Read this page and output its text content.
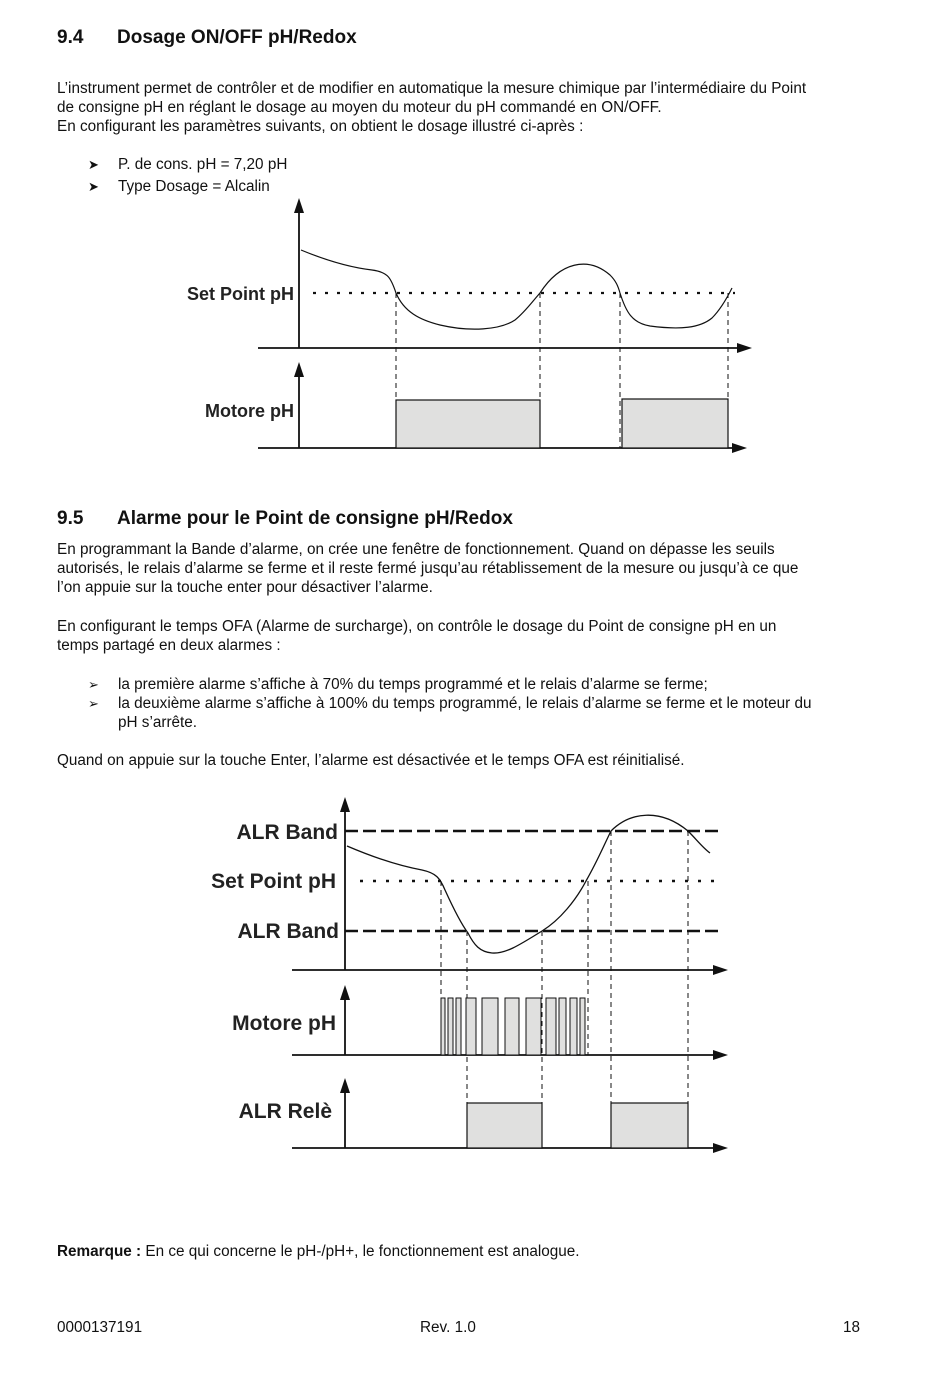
9.4 Dosage ON/OFF pH/Redox

L’instrument permet de contrôler et de modifier en automatique la mesure chimique par l’intermédiaire du Point
de consigne pH en réglant le dosage au moyen du moteur du pH commandé en ON/OFF.
En configurant les paramètres suivants, on obtient le dosage illustré ci-après :

➤ P. de cons. pH = 7,20 pH
➤ Type Dosage = Alcalin
Set Point pH
Motore pH
9.5 Alarme pour le Point de consigne pH/Redox

En programmant la Bande d’alarme, on crée une fenêtre de fonctionnement. Quand on dépasse les seuils
autorisés, le relais d’alarme se ferme et il reste fermé jusqu’au rétablissement de la mesure ou jusqu’à ce que
l’on appuie sur la touche enter pour désactiver l’alarme.

En configurant le temps OFA (Alarme de surcharge), on contrôle le dosage du Point de consigne pH en un
temps partagé en deux alarmes :

➢ la première alarme s’affiche à 70% du temps programmé et le relais d’alarme se ferme;
➢ la deuxième alarme s’affiche à 100% du temps programmé, le relais d’alarme se ferme et le moteur du
pH s’arrête.

Quand on appuie sur la touche Enter, l’alarme est désactivée et le temps OFA est réinitialisé.

ALR Band
Set Point pH
ALR Band
Motore pH
ALR Relè

Remarque : En ce qui concerne le pH-/pH+, le fonctionnement est analogue.

0000137191	Rev. 1.0	18
